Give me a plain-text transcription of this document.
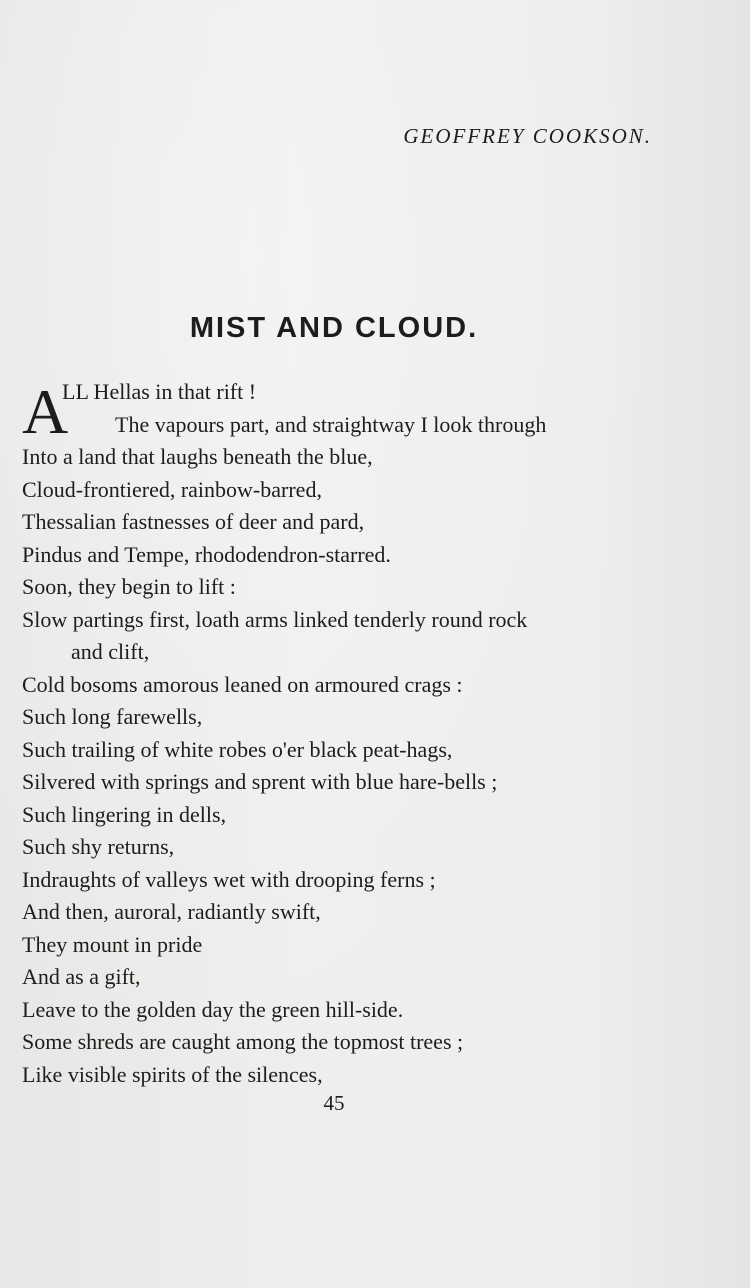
GEOFFREY COOKSON.
MIST AND CLOUD.
A
LL Hellas in that rift !
The vapours part, and straightway I look through
Into a land that laughs beneath the blue,
Cloud-frontiered, rainbow-barred,
Thessalian fastnesses of deer and pard,
Pindus and Tempe, rhododendron-starred.
Soon, they begin to lift :
Slow partings first, loath arms linked tenderly round rock
and clift,
Cold bosoms amorous leaned on armoured crags :
Such long farewells,
Such trailing of white robes o'er black peat-hags,
Silvered with springs and sprent with blue hare-bells ;
Such lingering in dells,
Such shy returns,
Indraughts of valleys wet with drooping ferns ;
And then, auroral, radiantly swift,
They mount in pride
And as a gift,
Leave to the golden day the green hill-side.
Some shreds are caught among the topmost trees ;
Like visible spirits of the silences,
45
